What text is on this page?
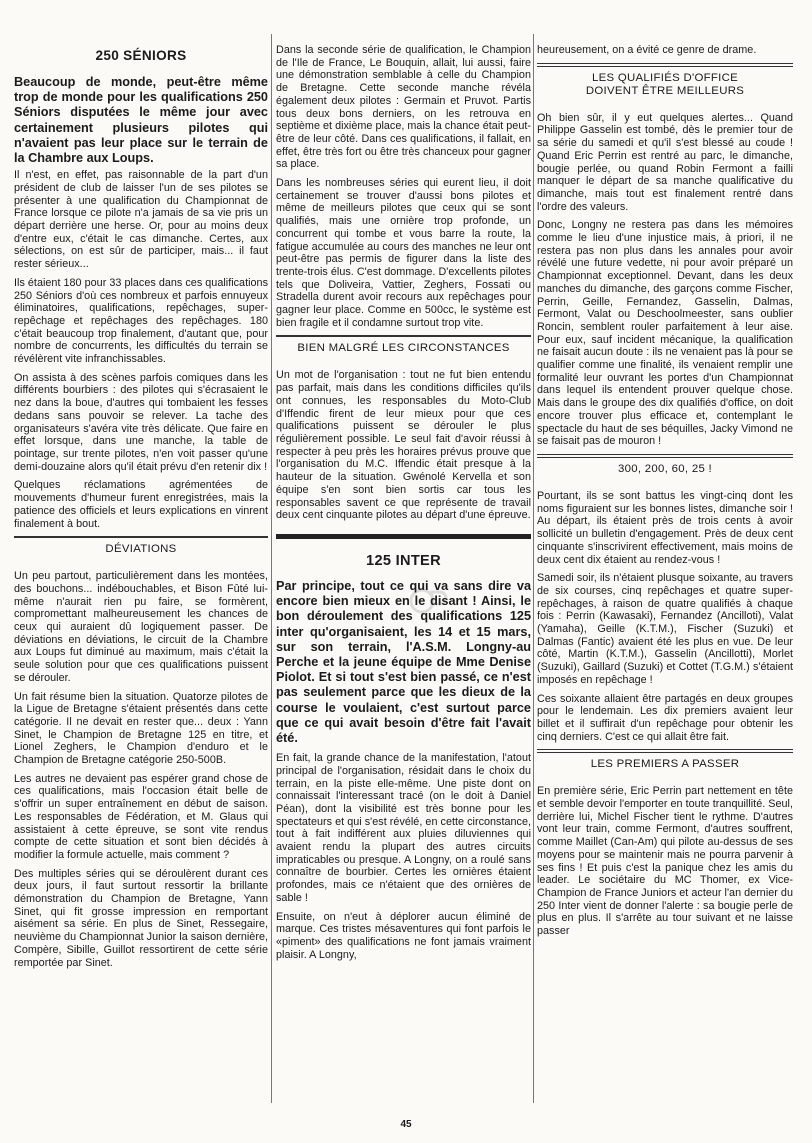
250 SÉNIORS

Beaucoup de monde, peut-être même trop de monde pour les qualifications 250 Séniors disputées le même jour avec certainement plusieurs pilotes qui n'avaient pas leur place sur le terrain de la Chambre aux Loups.

Il n'est, en effet, pas raisonnable de la part d'un président de club de laisser l'un de ses pilotes se présenter à une qualification du Championnat de France lorsque ce pilote n'a jamais de sa vie pris un départ derrière une herse. Or, pour au moins deux d'entre eux, c'était le cas dimanche. Certes, aux sélections, on est sûr de participer, mais... il faut rester sérieux...

Ils étaient 180 pour 33 places dans ces qualifications 250 Séniors d'où ces nombreux et parfois ennuyeux éliminatoires, qualifications, repêchages, super-repêchage et repêchages des repêchages. 180 c'était beaucoup trop finalement, d'autant que, pour nombre de concurrents, les difficultés du terrain se révélèrent vite infranchissables.

On assista à des scènes parfois comiques dans les différents bourbiers : des pilotes qui s'écrasaient le nez dans la boue, d'autres qui tombaient les fesses dedans sans pouvoir se relever. La tache des organisateurs s'avéra vite très délicate. Que faire en effet lorsque, dans une manche, la table de pointage, sur trente pilotes, n'en voit passer qu'une demi-douzaine alors qu'il était prévu d'en retenir dix !

Quelques réclamations agrémentées de mouvements d'humeur furent enregistrées, mais la patience des officiels et leurs explications en vinrent finalement à bout.

DÉVIATIONS

Un peu partout, particulièrement dans les montées, des bouchons... indébouchables, et Bison Fûté lui-même n'aurait rien pu faire, se formèrent, compromettant malheureusement les chances de ceux qui auraient dû logiquement passer. De déviations en déviations, le circuit de la Chambre aux Loups fut diminué au maximum, mais c'était la seule solution pour que ces qualifications puissent se dérouler.

Un fait résume bien la situation. Quatorze pilotes de la Ligue de Bretagne s'étaient présentés dans cette catégorie. Il ne devait en rester que... deux : Yann Sinet, le Champion de Bretagne 125 en titre, et Lionel Zeghers, le Champion d'enduro et le Champion de Bretagne catégorie 250-500B.

Les autres ne devaient pas espérer grand chose de ces qualifications, mais l'occasion était belle de s'offrir un super entraînement en début de saison. Les responsables de Fédération, et M. Glaus qui assistaient à cette épreuve, se sont vite rendus compte de cette situation et sont bien décidés à modifier la formule actuelle, mais comment ?

Des multiples séries qui se déroulèrent durant ces deux jours, il faut surtout ressortir la brillante démonstration du Champion de Bretagne, Yann Sinet, qui fit grosse impression en remportant aisément sa série. En plus de Sinet, Ressegaire, neuvième du Championnat Junior la saison dernière, Compère, Sibille, Guillot ressortirent de cette série remportée par Sinet.

Dans la seconde série de qualification, le Champion de l'Ile de France, Le Bouquin, allait, lui aussi, faire une démonstration semblable à celle du Champion de Bretagne. Cette seconde manche révéla également deux pilotes : Germain et Pruvot. Partis tous deux bons derniers, on les retrouva en septième et dixième place, mais la chance était peut-être de leur côté. Dans ces qualifications, il fallait, en effet, être très fort ou être très chanceux pour gagner sa place.

Dans les nombreuses séries qui eurent lieu, il doit certainement se trouver d'aussi bons pilotes et même de meilleurs pilotes que ceux qui se sont qualifiés, mais une ornière trop profonde, un concurrent qui tombe et vous barre la route, la fatigue accumulée au cours des manches ne leur ont peut-être pas permis de figurer dans la liste des trente-trois élus. C'est dommage. D'excellents pilotes tels que Doliveira, Vattier, Zeghers, Fossati ou Stradella durent avoir recours aux repêchages pour gagner leur place. Comme en 500cc, le système est bien fragile et il condamne surtout trop vite.

BIEN MALGRÉ LES CIRCONSTANCES

Un mot de l'organisation : tout ne fut bien entendu pas parfait, mais dans les conditions difficiles qu'ils ont connues, les responsables du Moto-Club d'Iffendic firent de leur mieux pour que ces qualifications puissent se dérouler le plus régulièrement possible. Le seul fait d'avoir réussi à respecter à peu près les horaires prévus prouve que l'organisation du M.C. Iffendic était presque à la hauteur de la situation. Gwénolé Kervella et son équipe s'en sont bien sortis car tous les responsables savent ce que représente de travail deux cent cinquante pilotes au départ d'une épreuve.

125 INTER

Par principe, tout ce qui va sans dire va encore bien mieux en le disant ! Ainsi, le bon déroulement des qualifications 125 inter qu'organisaient, les 14 et 15 mars, sur son terrain, l'A.S.M. Longny-au Perche et la jeune équipe de Mme Denise Piolot. Et si tout s'est bien passé, ce n'est pas seulement parce que les dieux de la course le voulaient, c'est surtout parce que ce qui avait besoin d'être fait l'avait été.

En fait, la grande chance de la manifestation, l'atout principal de l'organisation, résidait dans le choix du terrain, en la piste elle-même. Une piste dont on connaissait l'interessant tracé (on le doit à Daniel Péan), dont la visibilité est très bonne pour les spectateurs et qui s'est révélé, en cette circonstance, tout à fait indifférent aux pluies diluviennes qui avaient rendu la plupart des autres circuits impraticables ou presque. A Longny, on a roulé sans connaître de bourbier. Certes les ornières étaient profondes, mais ce n'étaient que des ornières de sable !

Ensuite, on n'eut à déplorer aucun éliminé de marque. Ces tristes mésaventures qui font parfois le «piment» des qualifications ne font jamais vraiment plaisir. A Longny,

heureusement, on a évité ce genre de drame.

LES QUALIFIÉS D'OFFICE
DOIVENT ÊTRE MEILLEURS

Oh bien sûr, il y eut quelques alertes... Quand Philippe Gasselin est tombé, dès le premier tour de sa série du samedi et qu'il s'est blessé au coude ! Quand Eric Perrin est rentré au parc, le dimanche, bougie perlée, ou quand Robin Fermont a failli manquer le départ de sa manche qualificative du dimanche, mais tout est finalement rentré dans l'ordre des valeurs.

Donc, Longny ne restera pas dans les mémoires comme le lieu d'une injustice mais, à priori, il ne restera pas non plus dans les annales pour avoir révélé une future vedette, ni pour avoir préparé un Championnat exceptionnel. Devant, dans les deux manches du dimanche, des garçons comme Fischer, Perrin, Geille, Fernandez, Gasselin, Dalmas, Fermont, Valat ou Deschoolmeester, sans oublier Roncin, semblent rouler parfaitement à leur aise. Pour eux, sauf incident mécanique, la qualification ne faisait aucun doute : ils ne venaient pas là pour se qualifier comme une finalité, ils venaient remplir une formalité leur ouvrant les portes d'un Championnat dans lequel ils entendent prouver quelque chose. Mais dans le groupe des dix qualifiés d'office, on doit encore trouver plus efficace et, contemplant le spectacle du haut de ses béquilles, Jacky Vimond ne se faisait pas de mouron !

300, 200, 60, 25 !

Pourtant, ils se sont battus les vingt-cinq dont les noms figuraient sur les bonnes listes, dimanche soir ! Au départ, ils étaient près de trois cents à avoir sollicité un bulletin d'engagement. Près de deux cent cinquante s'inscrivirent effectivement, mais moins de deux cent dix étaient au rendez-vous !

Samedi soir, ils n'étaient plusque soixante, au travers de six courses, cinq repêchages et quatre super-repêchages, à raison de quatre qualifiés à chaque fois : Perrin (Kawasaki), Fernandez (Ancilloti), Valat (Yamaha), Geille (K.T.M.), Fischer (Suzuki) et Dalmas (Fantic) avaient été les plus en vue. De leur côté, Martin (K.T.M.), Gasselin (Ancillotti), Morlet (Suzuki), Gaillard (Suzuki) et Cottet (T.G.M.) s'étaient imposés en repêchage !

Ces soixante allaient être partagés en deux groupes pour le lendemain. Les dix premiers avaient leur billet et il suffirait d'un repêchage pour obtenir les cinq derniers. C'est ce qui allait être fait.

LES PREMIERS A PASSER

En première série, Eric Perrin part nettement en tête et semble devoir l'emporter en toute tranquillité. Seul, derrière lui, Michel Fischer tient le rythme. D'autres vont leur train, comme Fermont, d'autres souffrent, comme Maillet (Can-Am) qui pilote au-dessus de ses moyens pour se maintenir mais ne pourra parvenir à ses fins ! Et puis c'est la panique chez les amis du leader. Le sociétaire du MC Thomer, ex Vice-Champion de France Juniors et acteur l'an dernier du 250 Inter vient de donner l'alerte : sa bougie perle de plus en plus. Il s'arrête au tour suivant et ne laisse passer

45
